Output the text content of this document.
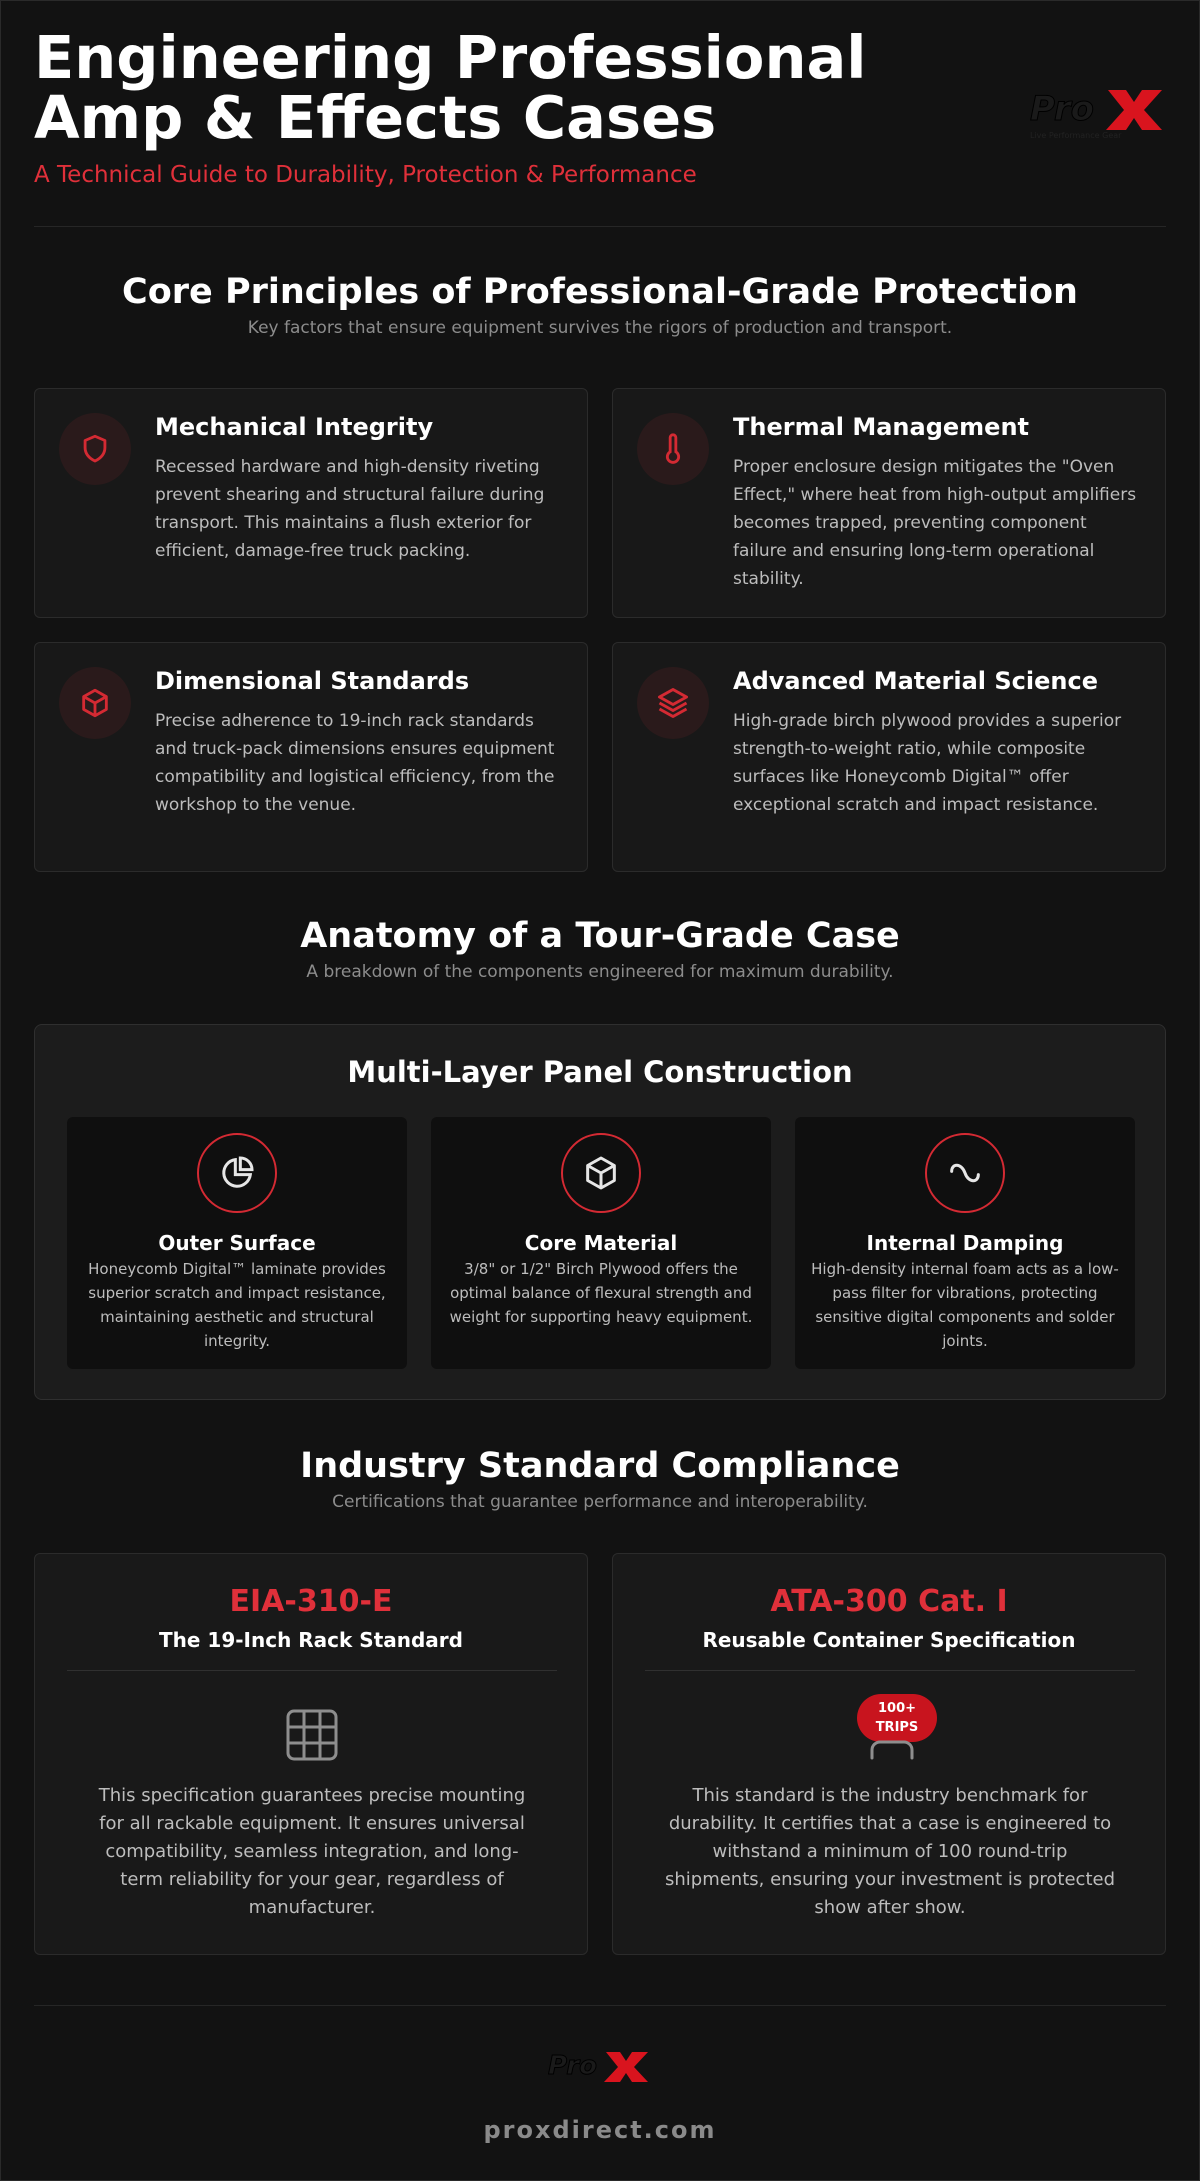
Engineering Professional Amp & Effects Cases
A Technical Guide to Durability, Protection & Performance
Pro
Live Performance Gear
Core Principles of Professional-Grade Protection
Key factors that ensure equipment survives the rigors of production and transport.
Mechanical Integrity
Recessed hardware and high-density riveting prevent shearing and structural failure during transport. This maintains a flush exterior for efficient, damage-free truck packing.
Thermal Management
Proper enclosure design mitigates the "Oven Effect," where heat from high-output amplifiers becomes trapped, preventing component failure and ensuring long-term operational stability.
Dimensional Standards
Precise adherence to 19-inch rack standards and truck-pack dimensions ensures equipment compatibility and logistical efficiency, from the workshop to the venue.
Advanced Material Science
High-grade birch plywood provides a superior strength-to-weight ratio, while composite surfaces like Honeycomb Digital™ offer exceptional scratch and impact resistance.
Anatomy of a Tour-Grade Case
A breakdown of the components engineered for maximum durability.
Multi-Layer Panel Construction
Outer Surface
Honeycomb Digital™ laminate provides superior scratch and impact resistance, maintaining aesthetic and structural integrity.
Core Material
3/8" or 1/2" Birch Plywood offers the optimal balance of flexural strength and weight for supporting heavy equipment.
Internal Damping
High-density internal foam acts as a low-pass filter for vibrations, protecting sensitive digital components and solder joints.
Industry Standard Compliance
Certifications that guarantee performance and interoperability.
EIA-310-E
The 19-Inch Rack Standard
This specification guarantees precise mounting for all rackable equipment. It ensures universal compatibility, seamless integration, and long-term reliability for your gear, regardless of manufacturer.
ATA-300 Cat. I
Reusable Container Specification
100+
TRIPS
This standard is the industry benchmark for durability. It certifies that a case is engineered to withstand a minimum of 100 round-trip shipments, ensuring your investment is protected show after show.
Pro
proxdirect.com
